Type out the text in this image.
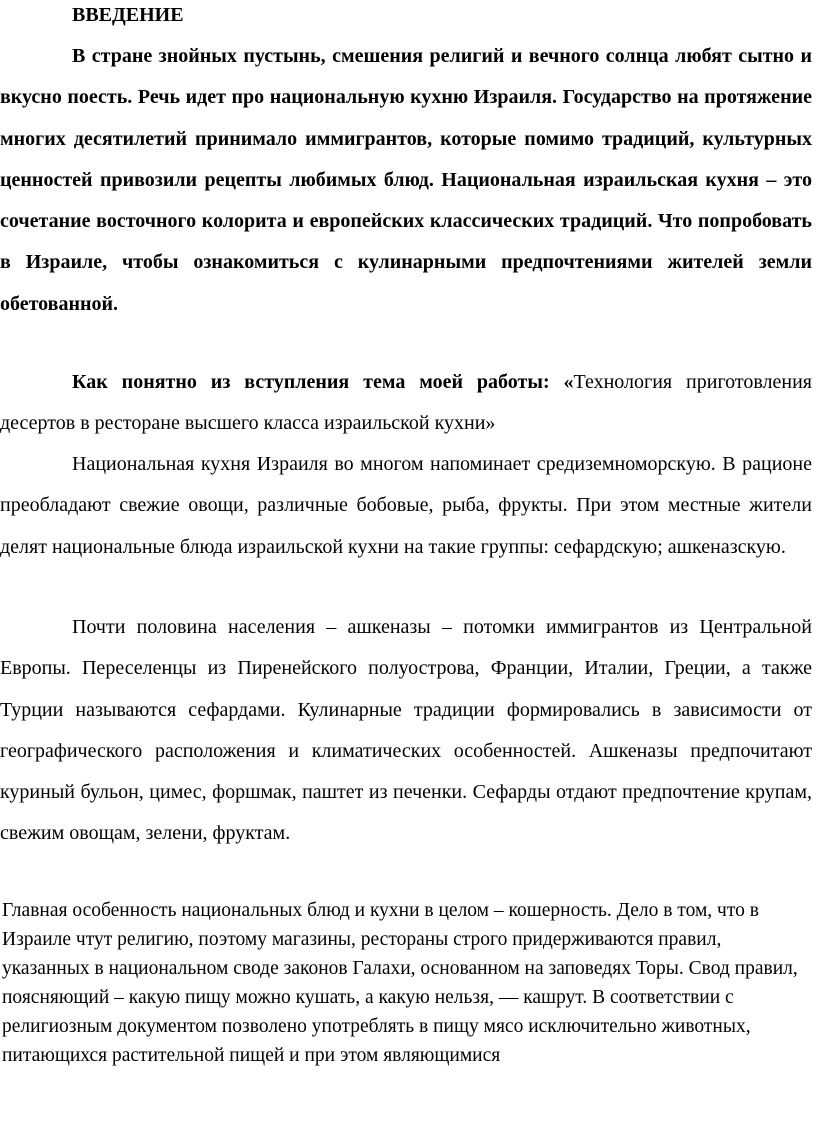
ВВЕДЕНИЕ

В стране знойных пустынь, смешения религий и вечного солнца любят сытно и вкусно поесть. Речь идет про национальную кухню Израиля. Государство на протяжение многих десятилетий принимало иммигрантов, которые помимо традиций, культурных ценностей привозили рецепты любимых блюд. Национальная израильская кухня – это сочетание восточного колорита и европейских классических традиций. Что попробовать в Израиле, чтобы ознакомиться с кулинарными предпочтениями жителей земли обетованной.

Как понятно из вступления тема моей работы: «Технология приготовления десертов в ресторане высшего класса израильской кухни»

Национальная кухня Израиля во многом напоминает средиземноморскую. В рационе преобладают свежие овощи, различные бобовые, рыба, фрукты. При этом местные жители делят национальные блюда израильской кухни на такие группы: сефардскую; ашкеназскую.

Почти половина населения – ашкеназы – потомки иммигрантов из Центральной Европы. Переселенцы из Пиренейского полуострова, Франции, Италии, Греции, а также Турции называются сефардами. Кулинарные традиции формировались в зависимости от географического расположения и климатических особенностей. Ашкеназы предпочитают куриный бульон, цимес, форшмак, паштет из печенки. Сефарды отдают предпочтение крупам, свежим овощам, зелени, фруктам.

Главная особенность национальных блюд и кухни в целом – кошерность. Дело в том, что в Израиле чтут религию, поэтому магазины, рестораны строго придерживаются правил, указанных в национальном своде законов Галахи, основанном на заповедях Торы. Свод правил, поясняющий – какую пищу можно кушать, а какую нельзя, — кашрут. В соответствии с религиозным документом позволено употреблять в пищу мясо исключительно животных, питающихся растительной пищей и при этом являющимися
